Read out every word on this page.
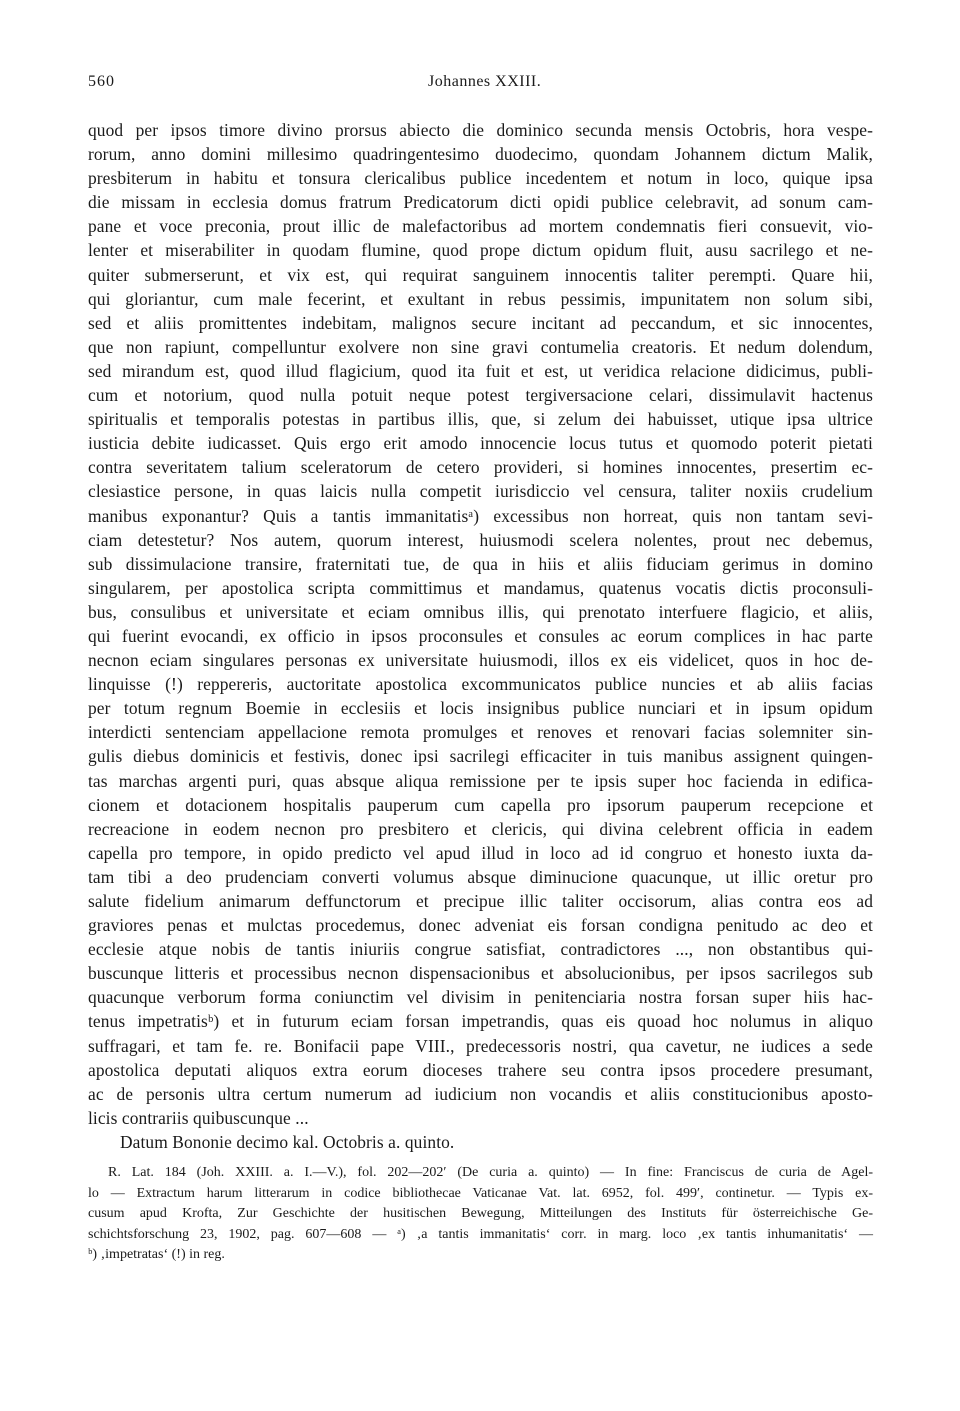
560	Johannes XXIII.
quod per ipsos timore divino prorsus abiecto die dominico secunda mensis Octobris, hora vespe-
rorum, anno domini millesimo quadringentesimo duodecimo, quondam Johannem dictum Malik,
presbiterum in habitu et tonsura clericalibus publice incedentem et notum in loco, quique ipsa
die missam in ecclesia domus fratrum Predicatorum dicti opidi publice celebravit, ad sonum cam-
pane et voce preconia, prout illic de malefactoribus ad mortem condemnatis fieri consuevit, vio-
lenter et miserabiliter in quodam flumine, quod prope dictum opidum fluit, ausu sacrilego et ne-
quiter submerserunt, et vix est, qui requirat sanguinem innocentis taliter perempti. Quare hii,
qui gloriantur, cum male fecerint, et exultant in rebus pessimis, impunitatem non solum sibi,
sed et aliis promittentes indebitam, malignos secure incitant ad peccandum, et sic innocentes,
que non rapiunt, compelluntur exolvere non sine gravi contumelia creatoris. Et nedum dolendum,
sed mirandum est, quod illud flagicium, quod ita fuit et est, ut veridica relacione didicimus, publi-
cum et notorium, quod nulla potuit neque potest tergiversacione celari, dissimulavit hactenus
spiritualis et temporalis potestas in partibus illis, que, si zelum dei habuisset, utique ipsa ultrice
iusticia debite iudicasset. Quis ergo erit amodo innocencie locus tutus et quomodo poterit pietati
contra severitatem talium sceleratorum de cetero provideri, si homines innocentes, presertim ec-
clesiastice persone, in quas laicis nulla competit iurisdiccio vel censura, taliter noxiis crudelium
manibus exponantur? Quis a tantis immanitatisᵃ) excessibus non horreat, quis non tantam sevi-
ciam detestetur? Nos autem, quorum interest, huiusmodi scelera nolentes, prout nec debemus,
sub dissimulacione transire, fraternitati tue, de qua in hiis et aliis fiduciam gerimus in domino
singularem, per apostolica scripta committimus et mandamus, quatenus vocatis dictis proconsuli-
bus, consulibus et universitate et eciam omnibus illis, qui prenotato interfuere flagicio, et aliis,
qui fuerint evocandi, ex officio in ipsos proconsules et consules ac eorum complices in hac parte
necnon eciam singulares personas ex universitate huiusmodi, illos ex eis videlicet, quos in hoc de-
linquisse (!) reppereris, auctoritate apostolica excommunicatos publice nuncies et ab aliis facias
per totum regnum Boemie in ecclesiis et locis insignibus publice nunciari et in ipsum opidum
interdicti sentenciam appellacione remota promulges et renoves et renovari facias solemniter sin-
gulis diebus dominicis et festivis, donec ipsi sacrilegi efficaciter in tuis manibus assignent quingen-
tas marchas argenti puri, quas absque aliqua remissione per te ipsis super hoc facienda in edifica-
cionem et dotacionem hospitalis pauperum cum capella pro ipsorum pauperum recepcione et
recreacione in eodem necnon pro presbitero et clericis, qui divina celebrent officia in eadem
capella pro tempore, in opido predicto vel apud illud in loco ad id congruo et honesto iuxta da-
tam tibi a deo prudenciam converti volumus absque diminucione quacunque, ut illic oretur pro
salute fidelium animarum deffunctorum et precipue illic taliter occisorum, alias contra eos ad
graviores penas et mulctas procedemus, donec adveniat eis forsan condigna penitudo ac deo et
ecclesie atque nobis de tantis iniuriis congrue satisfiat, contradictores ..., non obstantibus qui-
buscunque litteris et processibus necnon dispensacionibus et absolucionibus, per ipsos sacrilegos sub
quacunque verborum forma coniunctim vel divisim in penitenciaria nostra forsan super hiis hac-
tenus impetratisᵇ) et in futurum eciam forsan impetrandis, quas eis quoad hoc nolumus in aliquo
suffragari, et tam fe. re. Bonifacii pape VIII., predecessoris nostri, qua cavetur, ne iudices a sede
apostolica deputati aliquos extra eorum dioceses trahere seu contra ipsos procedere presumant,
ac de personis ultra certum numerum ad iudicium non vocandis et aliis constitucionibus aposto-
licis contrariis quibuscunque ...
Datum Bononie decimo kal. Octobris a. quinto.
R. Lat. 184 (Joh. XXIII. a. I.—V.), fol. 202—202′ (De curia a. quinto) — In fine: Franciscus de curia de Agel-
lo — Extractum harum litterarum in codice bibliothecae Vaticanae Vat. lat. 6952, fol. 499′, continetur. — Typis ex-
cusum apud Krofta, Zur Geschichte der husitischen Bewegung, Mitteilungen des Instituts für österreichische Ge-
schichtsforschung 23, 1902, pag. 607—608 — ᵃ) ‚a tantis immanitatis‘ corr. in marg. loco ‚ex tantis inhumanitatis‘ —
ᵇ) ‚impetratas‘ (!) in reg.
